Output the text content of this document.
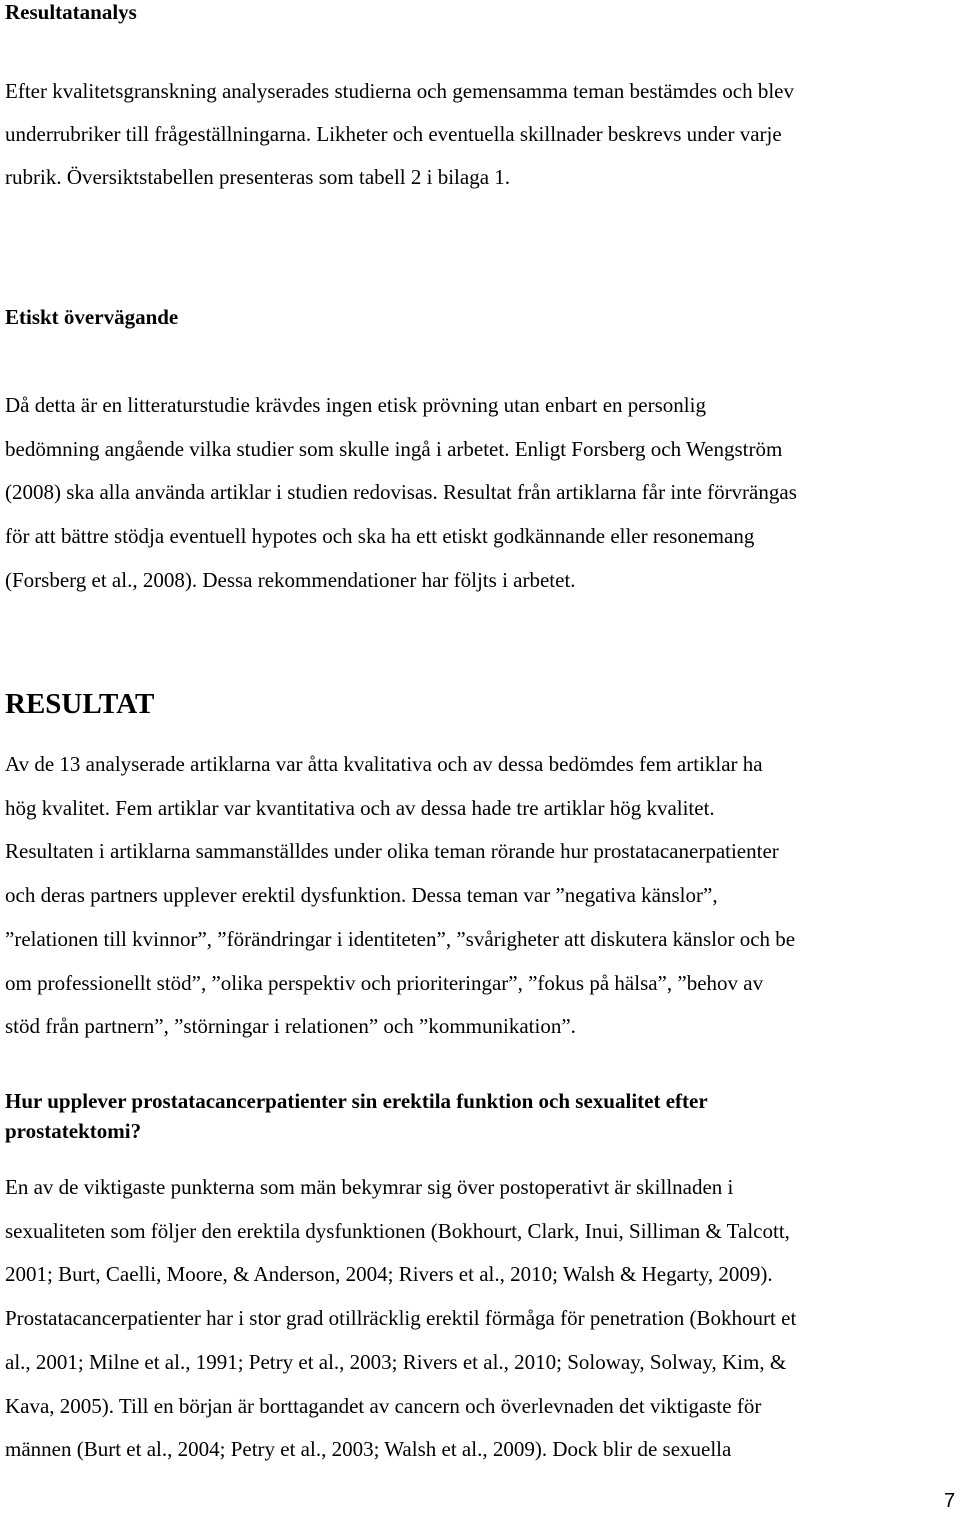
Resultatanalys
Efter kvalitetsgranskning analyserades studierna och gemensamma teman bestämdes och blev
underrubriker till frågeställningarna. Likheter och eventuella skillnader beskrevs under varje
rubrik. Översiktstabellen presenteras som tabell 2 i bilaga 1.
Etiskt övervägande
Då detta är en litteraturstudie krävdes ingen etisk prövning utan enbart en personlig
bedömning angående vilka studier som skulle ingå i arbetet. Enligt Forsberg och Wengström
(2008) ska alla använda artiklar i studien redovisas. Resultat från artiklarna får inte förvrängas
för att bättre stödja eventuell hypotes och ska ha ett etiskt godkännande eller resonemang
(Forsberg et al., 2008). Dessa rekommendationer har följts i arbetet.
RESULTAT
Av de 13 analyserade artiklarna var åtta kvalitativa och av dessa bedömdes fem artiklar ha
hög kvalitet. Fem artiklar var kvantitativa och av dessa hade tre artiklar hög kvalitet.
Resultaten i artiklarna sammanställdes under olika teman rörande hur prostatacanerpatienter
och deras partners upplever erektil dysfunktion. Dessa teman var ”negativa känslor”,
”relationen till kvinnor”, ”förändringar i identiteten”, ”svårigheter att diskutera känslor och be
om professionellt stöd”, ”olika perspektiv och prioriteringar”, ”fokus på hälsa”, ”behov av
stöd från partnern”, ”störningar i relationen” och ”kommunikation”.
Hur upplever prostatacancerpatienter sin erektila funktion och sexualitet efter
prostatektomi?
En av de viktigaste punkterna som män bekymrar sig över postoperativt är skillnaden i
sexualiteten som följer den erektila dysfunktionen (Bokhourt, Clark, Inui, Silliman & Talcott,
2001; Burt, Caelli, Moore, & Anderson, 2004; Rivers et al., 2010; Walsh & Hegarty, 2009).
Prostatacancerpatienter har i stor grad otillräcklig erektil förmåga för penetration (Bokhourt et
al., 2001; Milne et al., 1991; Petry et al., 2003; Rivers et al., 2010; Soloway, Solway, Kim, &
Kava, 2005). Till en början är borttagandet av cancern och överlevnaden det viktigaste för
männen (Burt et al., 2004; Petry et al., 2003; Walsh et al., 2009). Dock blir de sexuella
7
